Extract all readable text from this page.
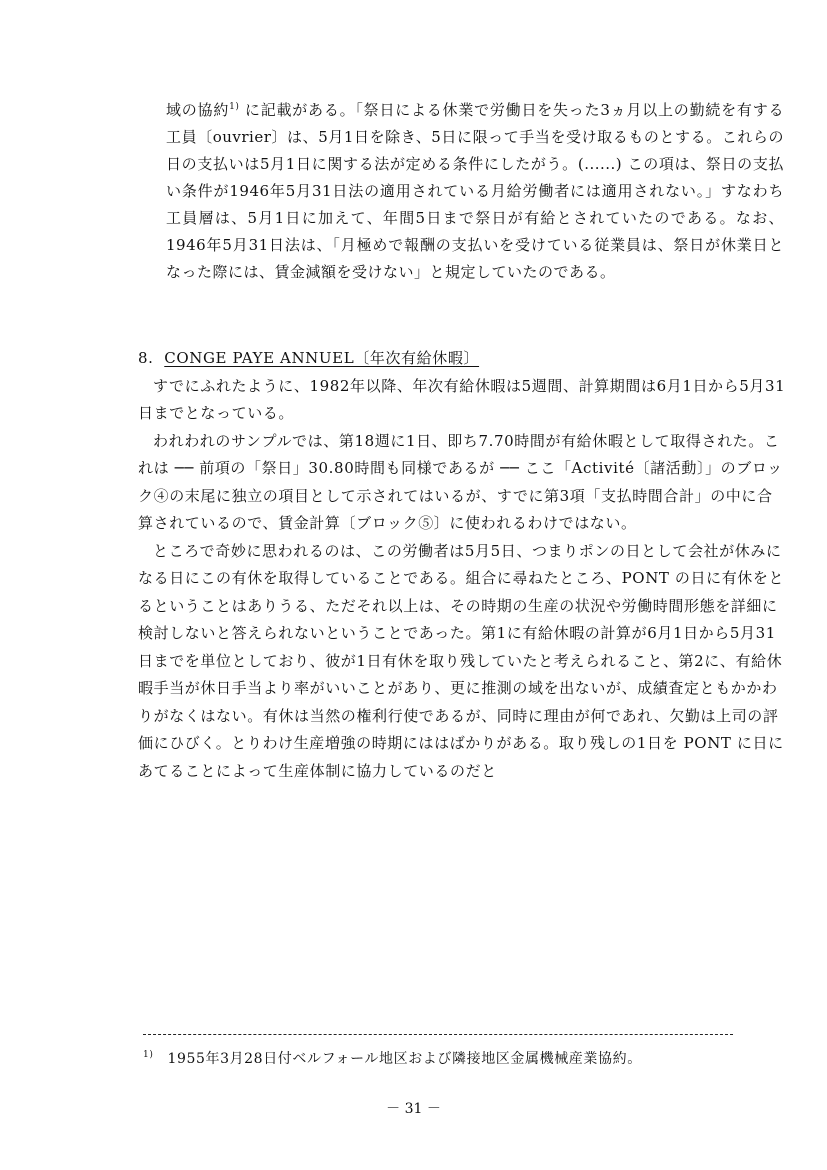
域の協約$^{1)}$ に記載がある。「祭日による休業で労働日を失った3ヵ月以上の勤続を有する工員〔ouvrier〕は、5月1日を除き、5日に限って手当を受け取るものとする。これらの日の支払いは5月1日に関する法が定める条件にしたがう。(......) この項は、祭日の支払い条件が1946年5月31日法の適用されている月給労働者には適用されない。」すなわち工員層は、5月1日に加えて、年間5日まで祭日が有給とされていたのである。なお、1946年5月31日法は、「月極めで報酬の支払いを受けている従業員は、祭日が休業日となった際には、賃金減額を受けない」と規定していたのである。

8. CONGE PAYE ANNUEL〔年次有給休暇〕

すでにふれたように、1982年以降、年次有給休暇は5週間、計算期間は6月1日から5月31日までとなっている。

われわれのサンプルでは、第18週に1日、即ち7.70時間が有給休暇として取得された。これは ── 前項の「祭日」30.80時間も同様であるが ── ここ「Activité〔諸活動〕」のブロック④の末尾に独立の項目として示されてはいるが、すでに第3項「支払時間合計」の中に合算されているので、賃金計算〔ブロック⑤〕に使われるわけではない。

ところで奇妙に思われるのは、この労働者は5月5日、つまりポンの日として会社が休みになる日にこの有休を取得していることである。組合に尋ねたところ、PONT の日に有休をとるということはありうる、ただそれ以上は、その時期の生産の状況や労働時間形態を詳細に検討しないと答えられないということであった。第1に有給休暇の計算が6月1日から5月31日までを単位としており、彼が1日有休を取り残していたと考えられること、第2に、有給休暇手当が休日手当より率がいいことがあり、更に推測の域を出ないが、成績査定ともかかわりがなくはない。有休は当然の権利行使であるが、同時に理由が何であれ、欠勤は上司の評価にひびく。とりわけ生産増強の時期にははばかりがある。取り残しの1日を PONT に日にあてることによって生産体制に協力しているのだと

$^{1)}$ 1955年3月28日付ベルフォール地区および隣接地区金属機械産業協約。
－ 31 －
